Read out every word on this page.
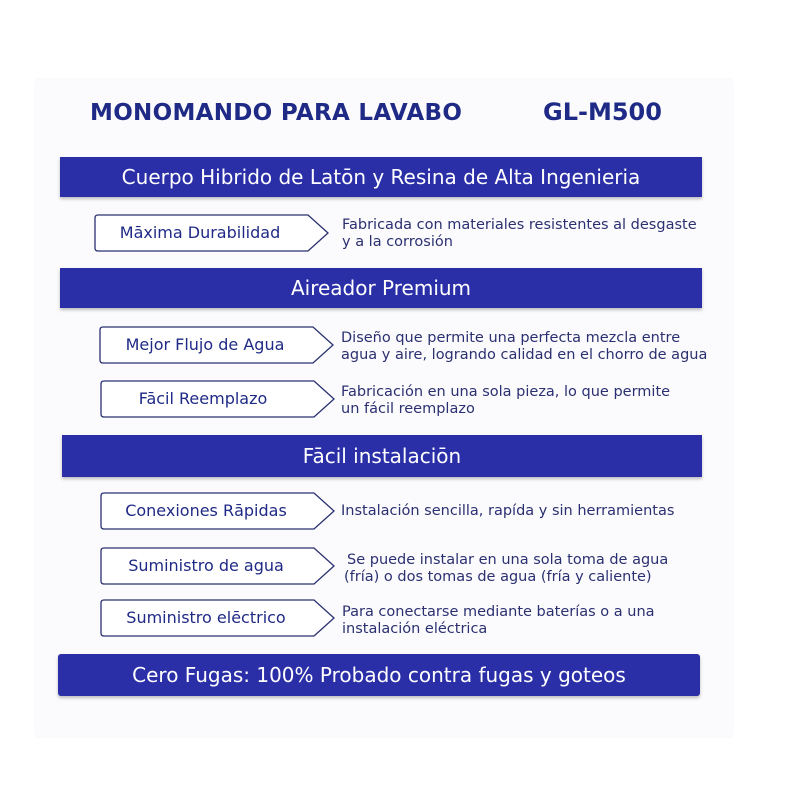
MONOMANDO PARA LAVABO	GL-M500
Cuerpo Hibrido de Latōn y Resina de Alta Ingenieria
Māxima Durabilidad	Fabricada con materiales resistentes al desgaste
y a la corrosión
Aireador Premium
Mejor Flujo de Agua	Diseño que permite una perfecta mezcla entre
agua y aire, logrando calidad en el chorro de agua
Fācil Reemplazo	Fabricación en una sola pieza, lo que permite
un fácil reemplazo
Fācil instalaciōn
Conexiones Rāpidas	Instalación sencilla, rapída y sin herramientas
Suministro de agua	Se puede instalar en una sola toma de agua
(fría) o dos tomas de agua (fría y caliente)
Suministro elēctrico	Para conectarse mediante baterías o a una
instalación eléctrica
Cero Fugas: 100% Probado contra fugas y goteos
